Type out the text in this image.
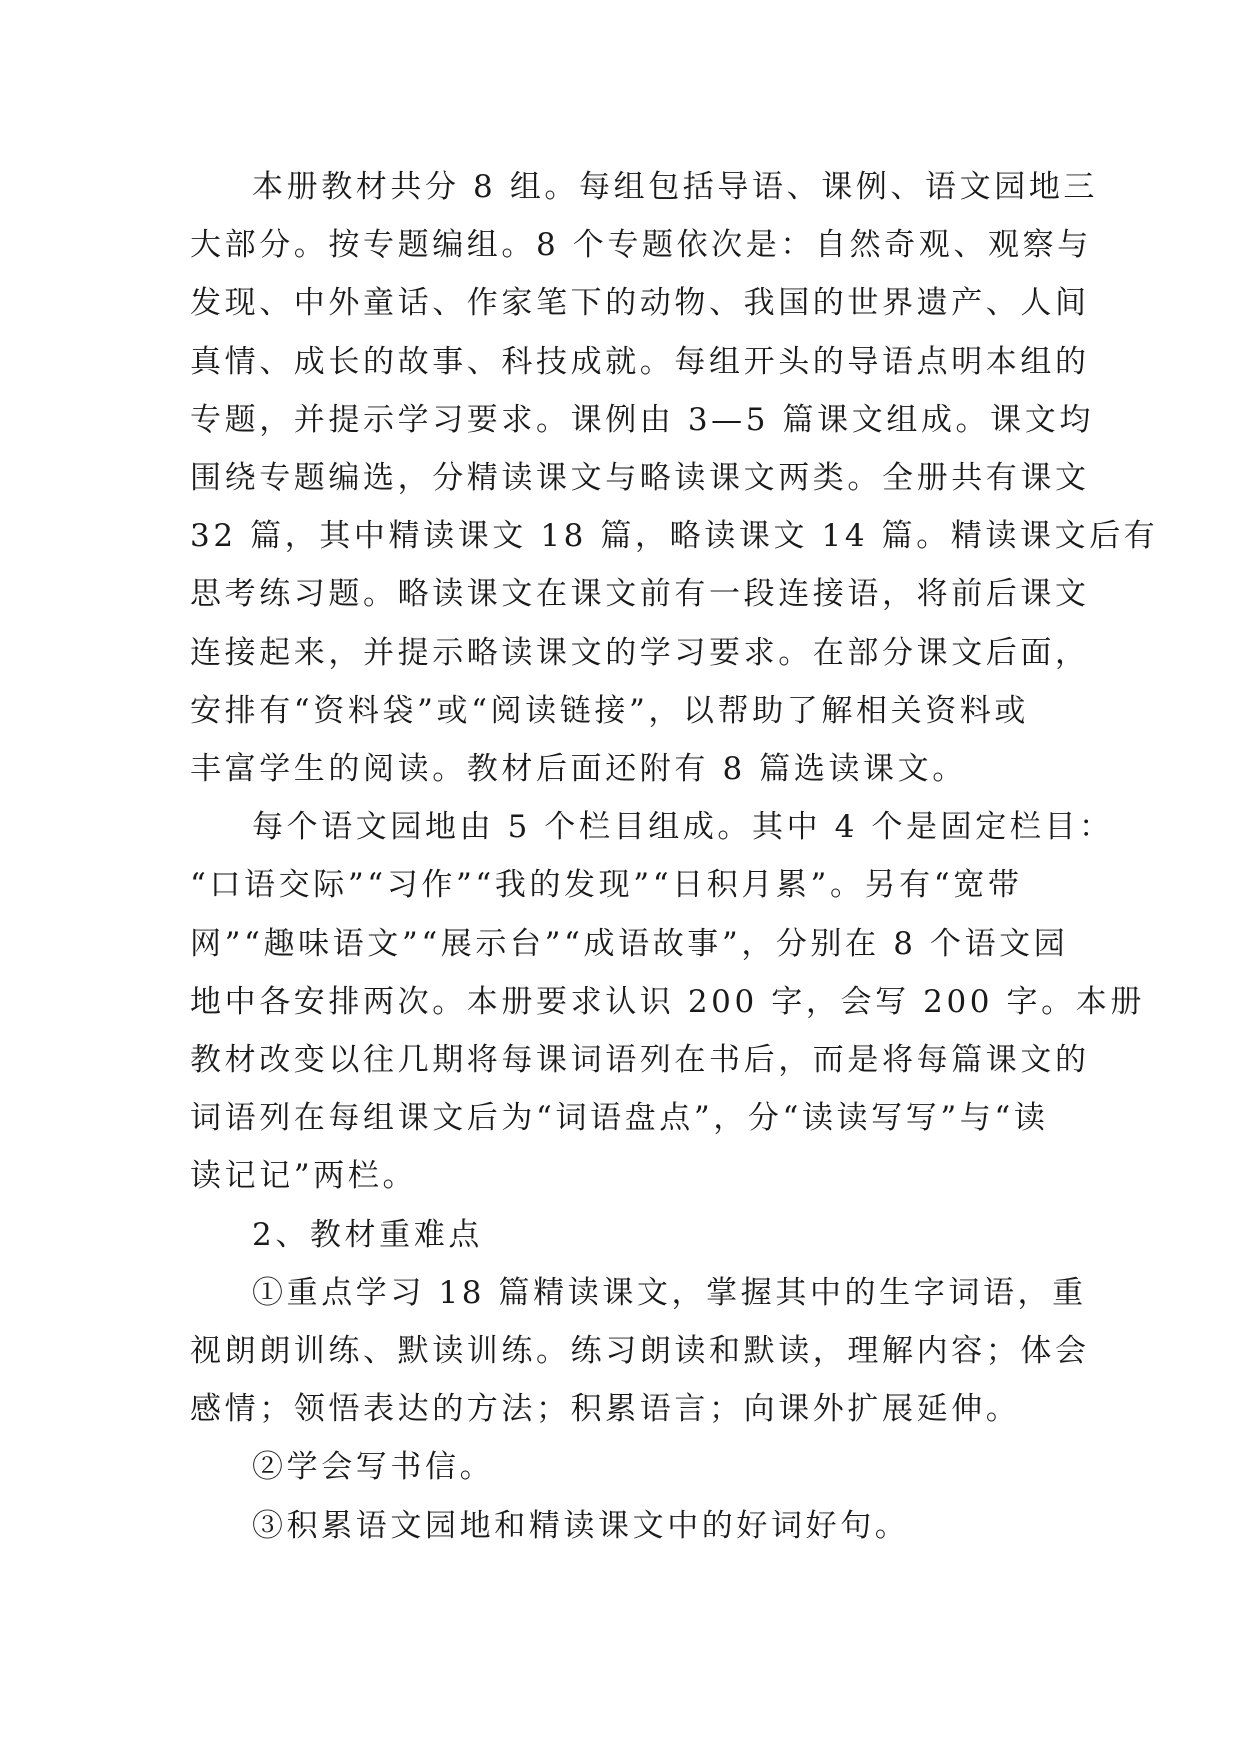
本册教材共分 8 组。每组包括导语、课例、语文园地三
大部分。按专题编组。8 个专题依次是：自然奇观、观察与
发现、中外童话、作家笔下的动物、我国的世界遗产、人间
真情、成长的故事、科技成就。每组开头的导语点明本组的
专题，并提示学习要求。课例由 3—5 篇课文组成。课文均
围绕专题编选，分精读课文与略读课文两类。全册共有课文
32 篇，其中精读课文 18 篇，略读课文 14 篇。精读课文后有
思考练习题。略读课文在课文前有一段连接语，将前后课文
连接起来，并提示略读课文的学习要求。在部分课文后面，
安排有“资料袋”或“阅读链接”，以帮助了解相关资料或
丰富学生的阅读。教材后面还附有 8 篇选读课文。
每个语文园地由 5 个栏目组成。其中 4 个是固定栏目：
“口语交际”“习作”“我的发现”“日积月累”。另有“宽带
网”“趣味语文”“展示台”“成语故事”，分别在 8 个语文园
地中各安排两次。本册要求认识 200 字，会写 200 字。本册
教材改变以往几期将每课词语列在书后，而是将每篇课文的
词语列在每组课文后为“词语盘点”，分“读读写写”与“读
读记记”两栏。
2、教材重难点
①重点学习 18 篇精读课文，掌握其中的生字词语，重
视朗朗训练、默读训练。练习朗读和默读，理解内容；体会
感情；领悟表达的方法；积累语言；向课外扩展延伸。
②学会写书信。
③积累语文园地和精读课文中的好词好句。
